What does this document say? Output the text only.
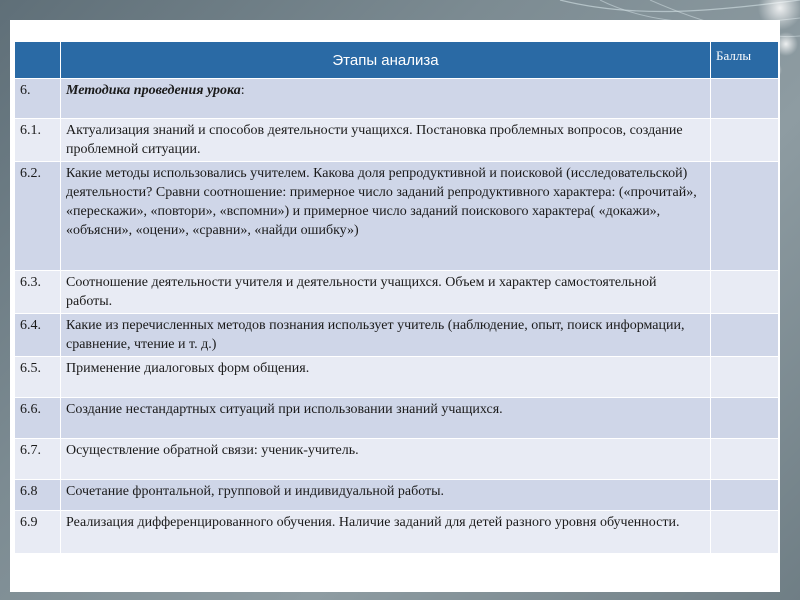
	Этапы анализа	Баллы
6.	Методика проведения урока:	
6.1.	Актуализация знаний и способов деятельности учащихся. Постановка проблемных вопросов, создание проблемной ситуации.	
6.2.	Какие методы использовались учителем. Какова доля репродуктивной и поисковой (исследовательской) деятельности? Сравни соотношение: примерное число заданий репродуктивного характера: («прочитай», «перескажи», «повтори», «вспомни») и примерное число заданий поискового характера( «докажи», «объясни», «оцени», «сравни», «найди ошибку»)	
6.3.	Соотношение деятельности учителя и деятельности учащихся. Объем и характер самостоятельной работы.	
6.4.	Какие из перечисленных методов познания использует учитель (наблюдение, опыт, поиск информации, сравнение, чтение и т. д.)	
6.5.	Применение диалоговых форм общения.	
6.6.	Создание нестандартных ситуаций при использовании знаний учащихся.	
6.7.	Осуществление обратной связи: ученик-учитель.	
6.8	Сочетание фронтальной, групповой и индивидуальной работы.	
6.9	Реализация дифференцированного обучения. Наличие заданий для детей разного уровня обученности.	
